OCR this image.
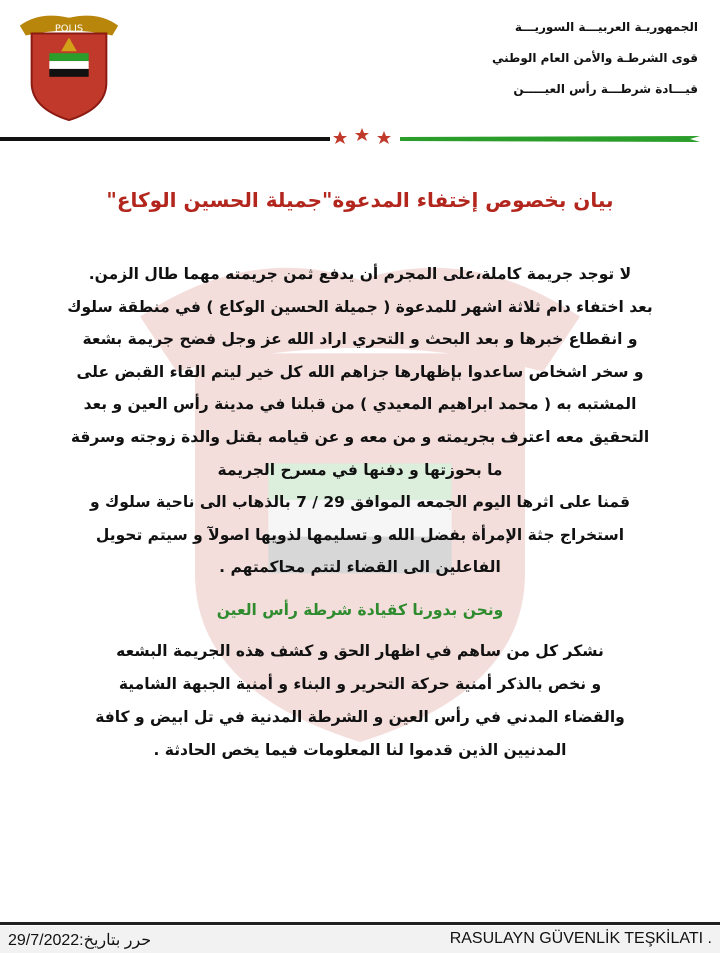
POLIS	الجمهوريـة العربيـــة السوريـــة
قوى الشرطـة والأمن العام الوطني
قيـــادة شرطـــة رأس العيـــــن
بيان بخصوص إختفاء المدعوة"جميلة الحسين الوكاع"

لا توجد جريمة كاملة،على المجرم أن يدفع ثمن جريمته مهما طال الزمن.

بعد اختفاء دام ثلاثة اشهر للمدعوة ( جميلة الحسين الوكاع ) في منطقة سلوك

و انقطاع خبرها و بعد البحث و التحري اراد الله عز وجل فضح جريمة بشعة

و سخر اشخاص ساعدوا بإظهارها جزاهم الله كل خير ليتم القاء القبض على

المشتبه به ( محمد ابراهيم المعيدي ) من قبلنا في مدينة رأس العين و بعد

التحقيق معه اعترف بجريمته و من معه و عن قيامه بقتل والدة زوجته وسرقة

ما بحوزتها و دفنها في مسرح الجريمة

قمنا على اثرها اليوم الجمعه الموافق 29 / 7 بالذهاب الى ناحية سلوك و

استخراج جثة الإمرأة بفضل الله و تسليمها لذويها اصولآ و سيتم تحويل

الفاعلين الى القضاء لتتم محاكمتهم .

ونحن بدورنا كقيادة شرطة رأس العين

نشكر كل من ساهم في اظهار الحق و كشف هذه الجريمة البشعه

و نخص بالذكر أمنية حركة التحرير و البناء و أمنية الجبهة الشامية

والقضاء المدني في رأس العين و الشرطة المدنية في تل ابيض و كافة

المدنيين الذين قدموا لنا المعلومات فيما يخص الحادثة .

29/7/2022:حرر بتاريخ	RASULAYN GÜVENLİK TEŞKİLATI .
